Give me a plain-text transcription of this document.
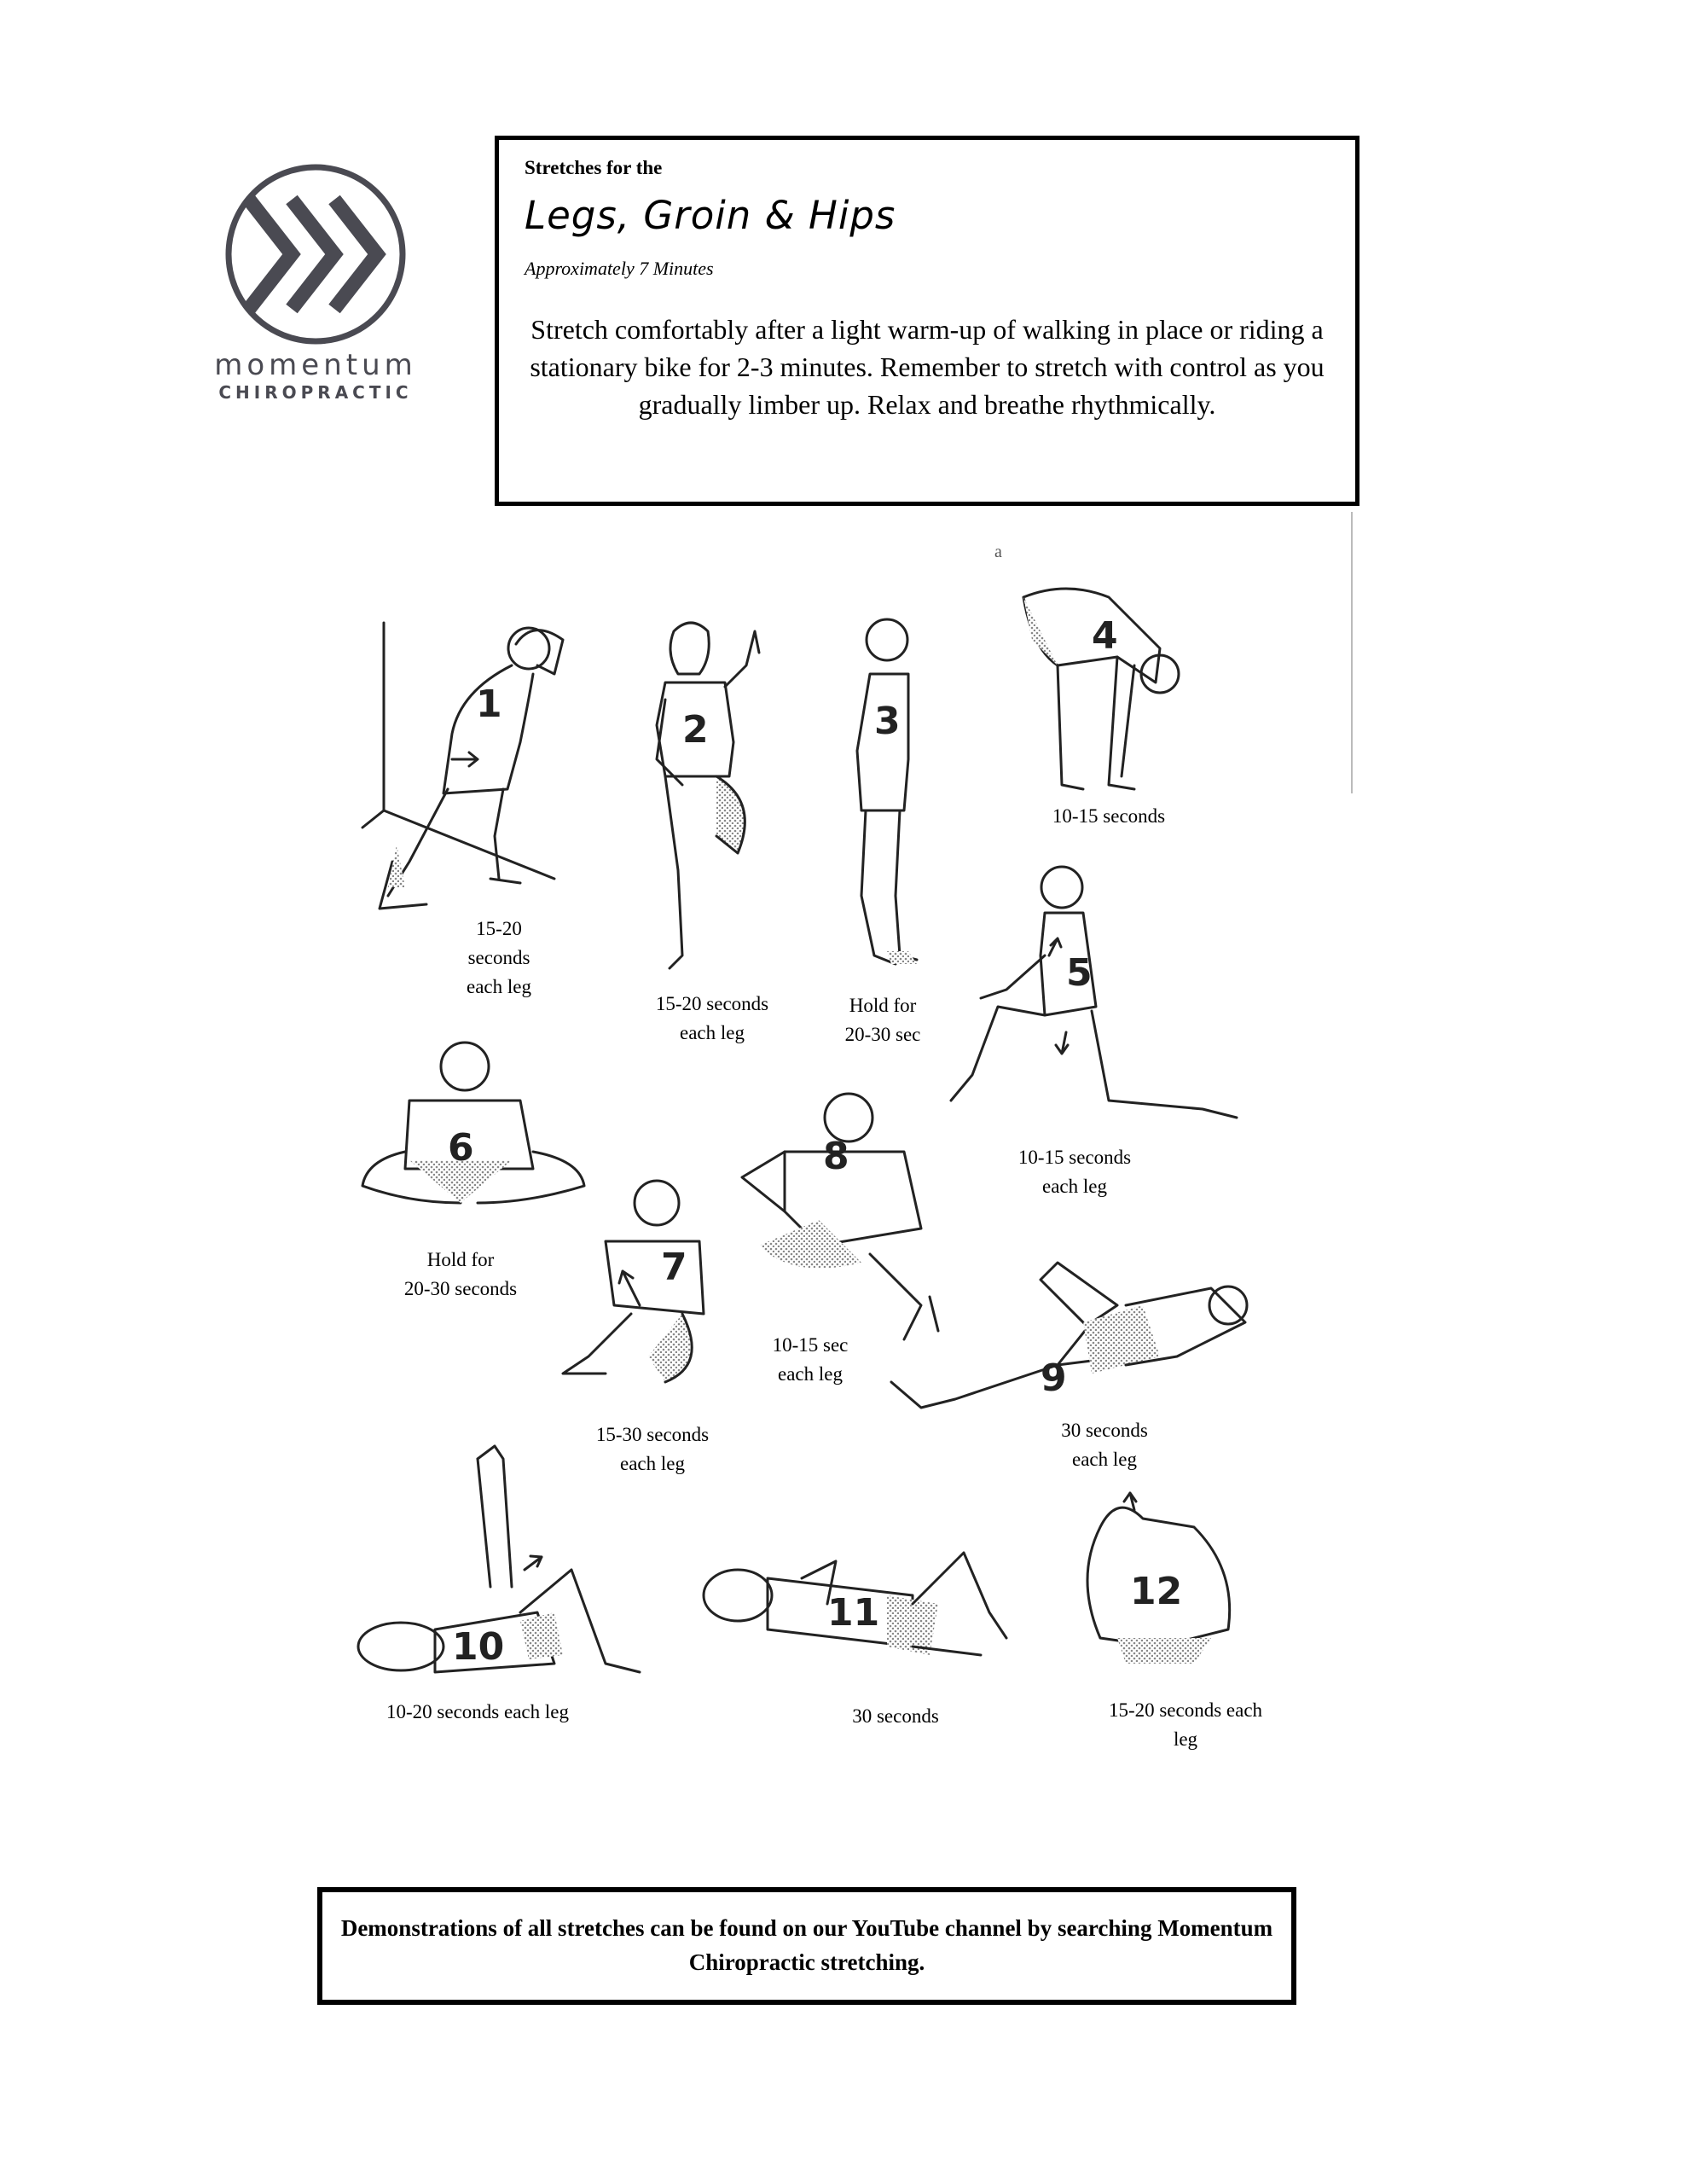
momentum
CHIROPRACTIC
Stretches for the
Legs, Groin & Hips
Approximately 7 Minutes
Stretch comfortably after a light warm-up of walking in place or riding a stationary bike for 2-3 minutes. Remember to stretch with control as you gradually limber up. Relax and breathe rhythmically.
a
1
15-20
seconds
each leg
2
15-20 seconds
each leg
3
Hold for
20-30 sec
4
10-15 seconds
5
10-15 seconds
each leg
6
Hold for
20-30 seconds	7
15-30 seconds
each leg
8
10-15 sec
each leg	9
30 seconds
each leg
10
10-20 seconds each leg
11
30 seconds
12
15-20 seconds each
leg
Demonstrations of all stretches can be found on our YouTube channel by searching Momentum Chiropractic stretching.
